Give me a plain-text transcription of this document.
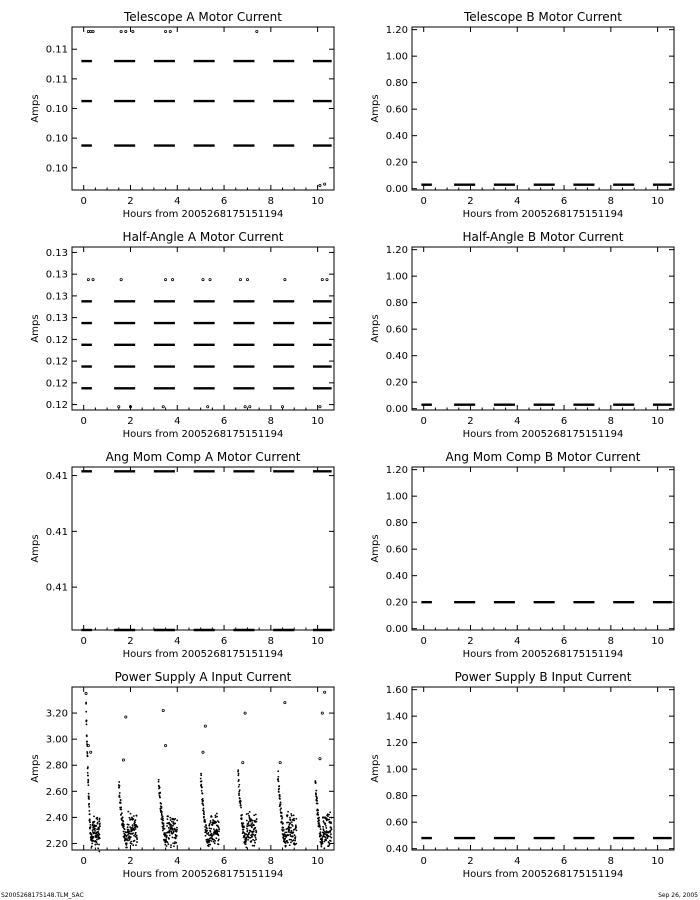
Telescope A Motor Current
0	2	4	6	8	10
0.10
0.10
0.10
0.11
0.11
Hours from 2005268175151194
Amps
Telescope B Motor Current
0	2	4	6	8	10
0.00
0.20
0.40
0.60
0.80
1.00
1.20
Hours from 2005268175151194
Amps
Half-Angle A Motor Current
0	2	4	6	8	10
0.12
0.12
0.12
0.12
0.13
0.13
0.13
0.13
Hours from 2005268175151194
Amps
Half-Angle B Motor Current
0	2	4	6	8	10
0.00
0.20
0.40
0.60
0.80
1.00
1.20
Hours from 2005268175151194
Amps
Ang Mom Comp A Motor Current
0	2	4	6	8	10
0.41
0.41
0.41
Hours from 2005268175151194
Amps
Ang Mom Comp B Motor Current
0	2	4	6	8	10
0.00
0.20
0.40
0.60
0.80
1.00
1.20
Hours from 2005268175151194
Amps
Power Supply A Input Current
0	2	4	6	8	10
2.20
2.40
2.60
2.80
3.00
3.20
Hours from 2005268175151194
Amps
Power Supply B Input Current
0	2	4	6	8	10
0.40
0.60
0.80
1.00
1.20
1.40
1.60
Hours from 2005268175151194
Amps
S2005268175148.TLM_SAC	Sep 26, 2005
